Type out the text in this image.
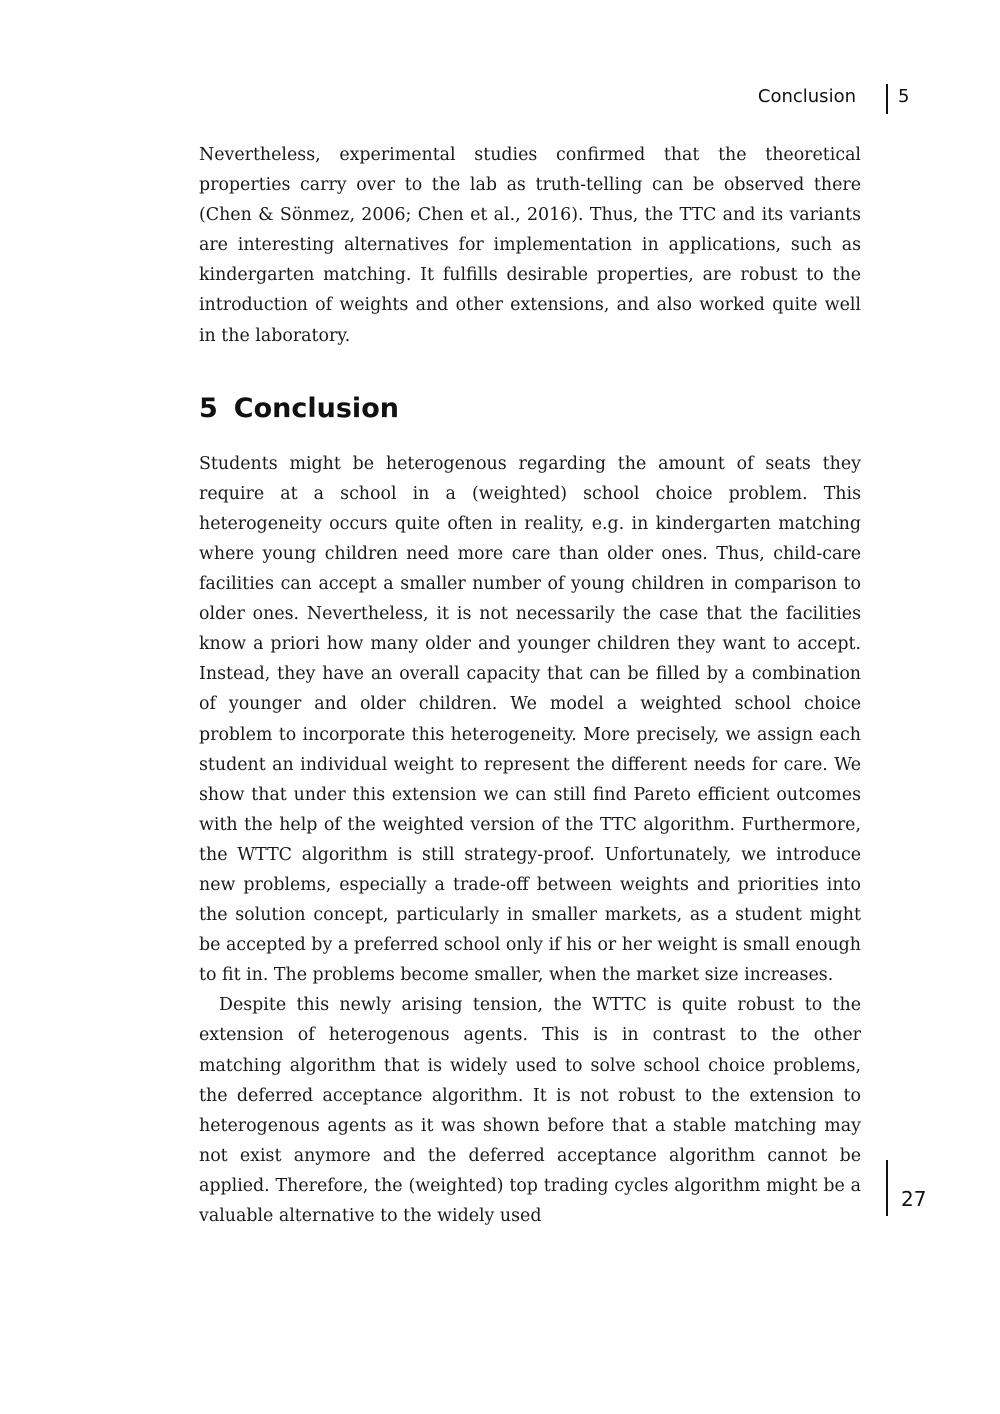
Conclusion 5

Nevertheless, experimental studies confirmed that the theoretical properties carry over to the lab as truth-telling can be observed there (Chen & Sönmez, 2006; Chen et al., 2016). Thus, the TTC and its variants are interesting alternatives for implementation in applications, such as kindergarten matching. It fulfills desirable properties, are robust to the introduction of weights and other extensions, and also worked quite well in the laboratory.

5 Conclusion

Students might be heterogenous regarding the amount of seats they require at a school in a (weighted) school choice problem. This heterogeneity occurs quite often in reality, e.g. in kindergarten matching where young children need more care than older ones. Thus, child-care facilities can accept a smaller number of young children in comparison to older ones. Nevertheless, it is not necessarily the case that the facilities know a priori how many older and younger children they want to accept. Instead, they have an overall capacity that can be filled by a combination of younger and older children. We model a weighted school choice problem to incorporate this heterogeneity. More precisely, we assign each student an individual weight to represent the different needs for care. We show that under this extension we can still find Pareto efficient outcomes with the help of the weighted version of the TTC algorithm. Furthermore, the WTTC algorithm is still strategy-proof. Unfortunately, we introduce new problems, especially a trade-off between weights and priorities into the solution concept, particularly in smaller markets, as a student might be accepted by a preferred school only if his or her weight is small enough to fit in. The problems become smaller, when the market size increases.

Despite this newly arising tension, the WTTC is quite robust to the extension of heterogenous agents. This is in contrast to the other matching algorithm that is widely used to solve school choice problems, the deferred acceptance algorithm. It is not robust to the extension to heterogenous agents as it was shown before that a stable matching may not exist anymore and the deferred acceptance algorithm cannot be applied. Therefore, the (weighted) top trading cycles algorithm might be a valuable alternative to the widely used

27
